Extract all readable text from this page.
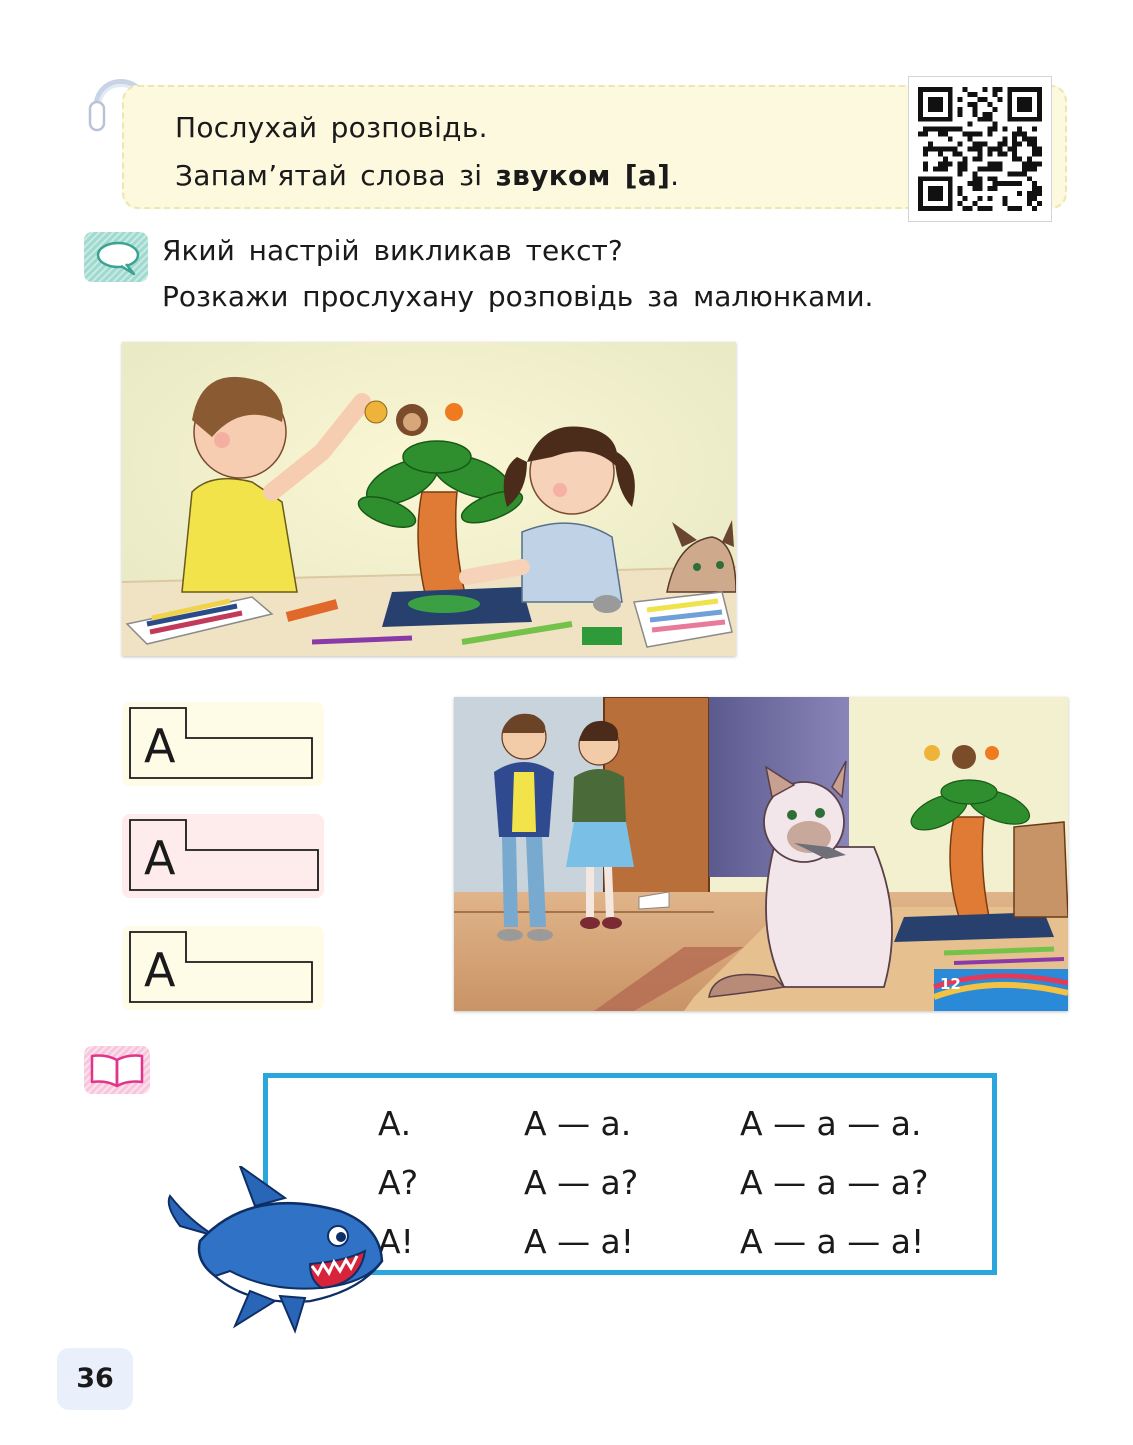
Послухай розповідь.
Запам’ятай слова зі звуком [а].
Який настрій викликав текст?
Розкажи прослухану розповідь за малюнками.
А
А
А	12
А.	А — а.	А — а — а.
А?	А — а?	А — а — а?
А!	А — а!	А — а — а!
36
